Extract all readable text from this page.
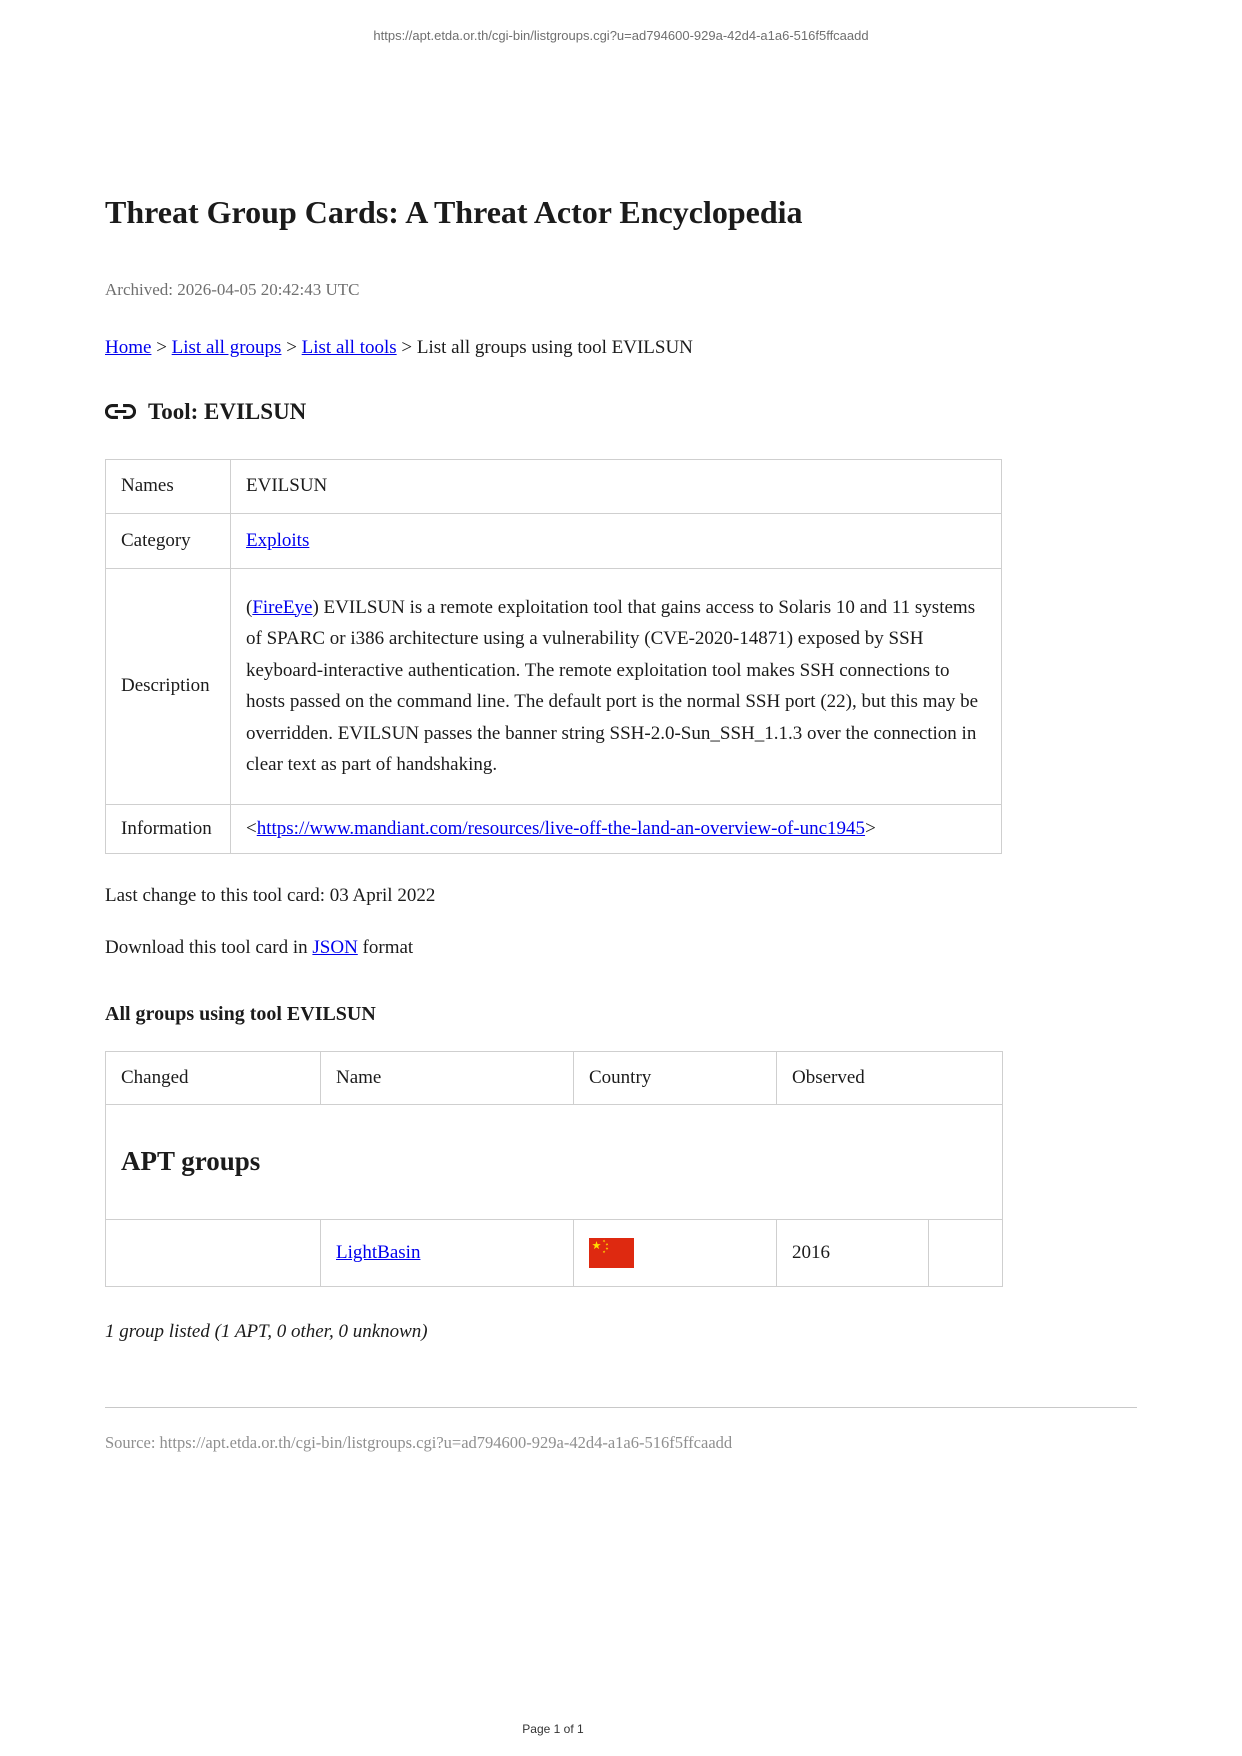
https://apt.etda.or.th/cgi-bin/listgroups.cgi?u=ad794600-929a-42d4-a1a6-516f5ffcaadd
Threat Group Cards: A Threat Actor Encyclopedia

Archived: 2026-04-05 20:42:43 UTC

Home > List all groups > List all tools > List all groups using tool EVILSUN

Tool: EVILSUN
Names	EVILSUN
Category	Exploits
Description	(FireEye) EVILSUN is a remote exploitation tool that gains access to Solaris 10 and 11 systems of SPARC or i386 architecture using a vulnerability (CVE-2020-14871) exposed by SSH keyboard-interactive authentication. The remote exploitation tool makes SSH connections to hosts passed on the command line. The default port is the normal SSH port (22), but this may be overridden. EVILSUN passes the banner string SSH-2.0-Sun_SSH_1.1.3 over the connection in clear text as part of handshaking.
Information	<https://www.mandiant.com/resources/live-off-the-land-an-overview-of-unc1945>

Last change to this tool card: 03 April 2022

Download this tool card in JSON format

All groups using tool EVILSUN
Changed	Name	Country	Observed	
APT groups				
	LightBasin		2016	

1 group listed (1 APT, 0 other, 0 unknown)

Source: https://apt.etda.or.th/cgi-bin/listgroups.cgi?u=ad794600-929a-42d4-a1a6-516f5ffcaadd

Page 1 of 1
